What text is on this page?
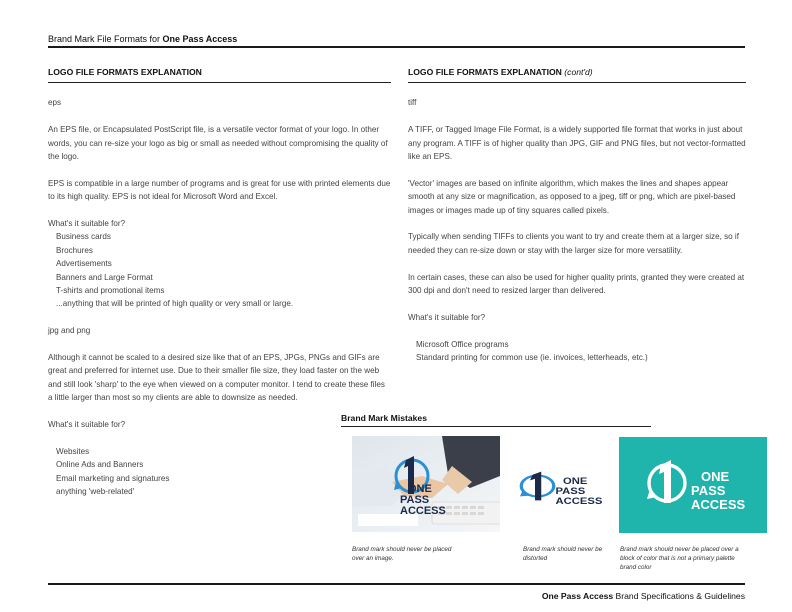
Brand Mark File Formats for One Pass Access
LOGO FILE FORMATS EXPLANATION
eps
An EPS file, or Encapsulated PostScript file, is a versatile vector format of your logo. In other words, you can re-size your logo as big or small as needed without compromising the quality of the logo.
EPS is compatible in a large number of programs and is great for use with printed elements due to its high quality. EPS is not ideal for Microsoft Word and Excel.
What's it suitable for?
Business cards
Brochures
Advertisements
Banners and Large Format
T-shirts and promotional items
...anything that will be printed of high quality or very small or large.
jpg and png
Although it cannot be scaled to a desired size like that of an EPS, JPGs, PNGs and GIFs are great and preferred for internet use. Due to their smaller file size, they load faster on the web and still look 'sharp' to the eye when viewed on a computer monitor. I tend to create these files a little larger than most so my clients are able to downsize as needed.
What's it suitable for?
Websites
Online Ads and Banners
Email marketing and signatures
anything 'web-related'
LOGO FILE FORMATS EXPLANATION (cont'd)
tiff
A TIFF, or Tagged Image File Format, is a widely supported file format that works in just about any program. A TIFF is of higher quality than JPG, GIF and PNG files, but not vector-formatted like an EPS.
'Vector' images are based on infinite algorithm, which makes the lines and shapes appear smooth at any size or magnification, as opposed to a jpeg, tiff or png, which are pixel-based images or images made up of tiny squares called pixels.
Typically when sending TIFFs to clients you want to try and create them at a larger size, so if needed they can re-size down or stay with the larger size for more versatility.
In certain cases, these can also be used for higher quality prints, granted they were created at 300 dpi and don't need to resized larger than delivered.
What's it suitable for?
Microsoft Office programs
Standard printing for common use (ie. invoices, letterheads, etc.)
Brand Mark Mistakes
ONE
PASS
ACCESS
ONE
PASS
ACCESS
ONE
PASS
ACCESS
Brand mark should never be placed over an image.
Brand mark should never be distorted
Brand mark should never be placed over a block of color that is not a primary palette brand color
One Pass Access Brand Specifications & Guidelines
